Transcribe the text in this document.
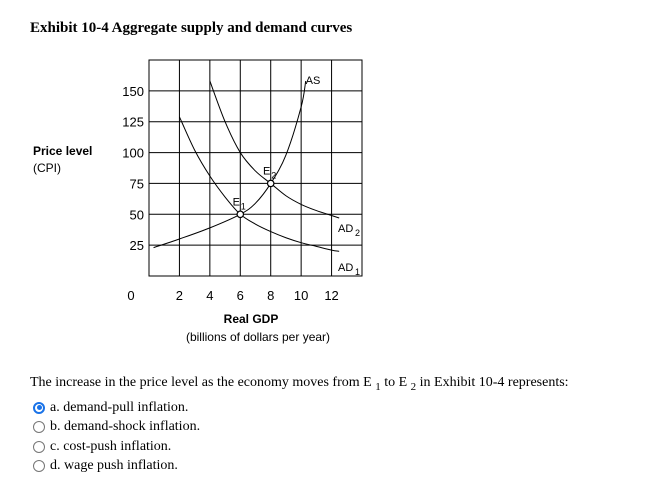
Exhibit 10-4 Aggregate supply and demand curves
Price level
(CPI)
0	2 4 6 8 10 12
25
50
75
100
125
150
Real GDP
(billions of dollars per year)
AS
AD 2
AD 1
E 1
E 2
The increase in the price level as the economy moves from E $_1$ to E $_2$ in Exhibit 10-4 represents:
a. demand-pull inflation.
b. demand-shock inflation.
c. cost-push inflation.
d. wage push inflation.
